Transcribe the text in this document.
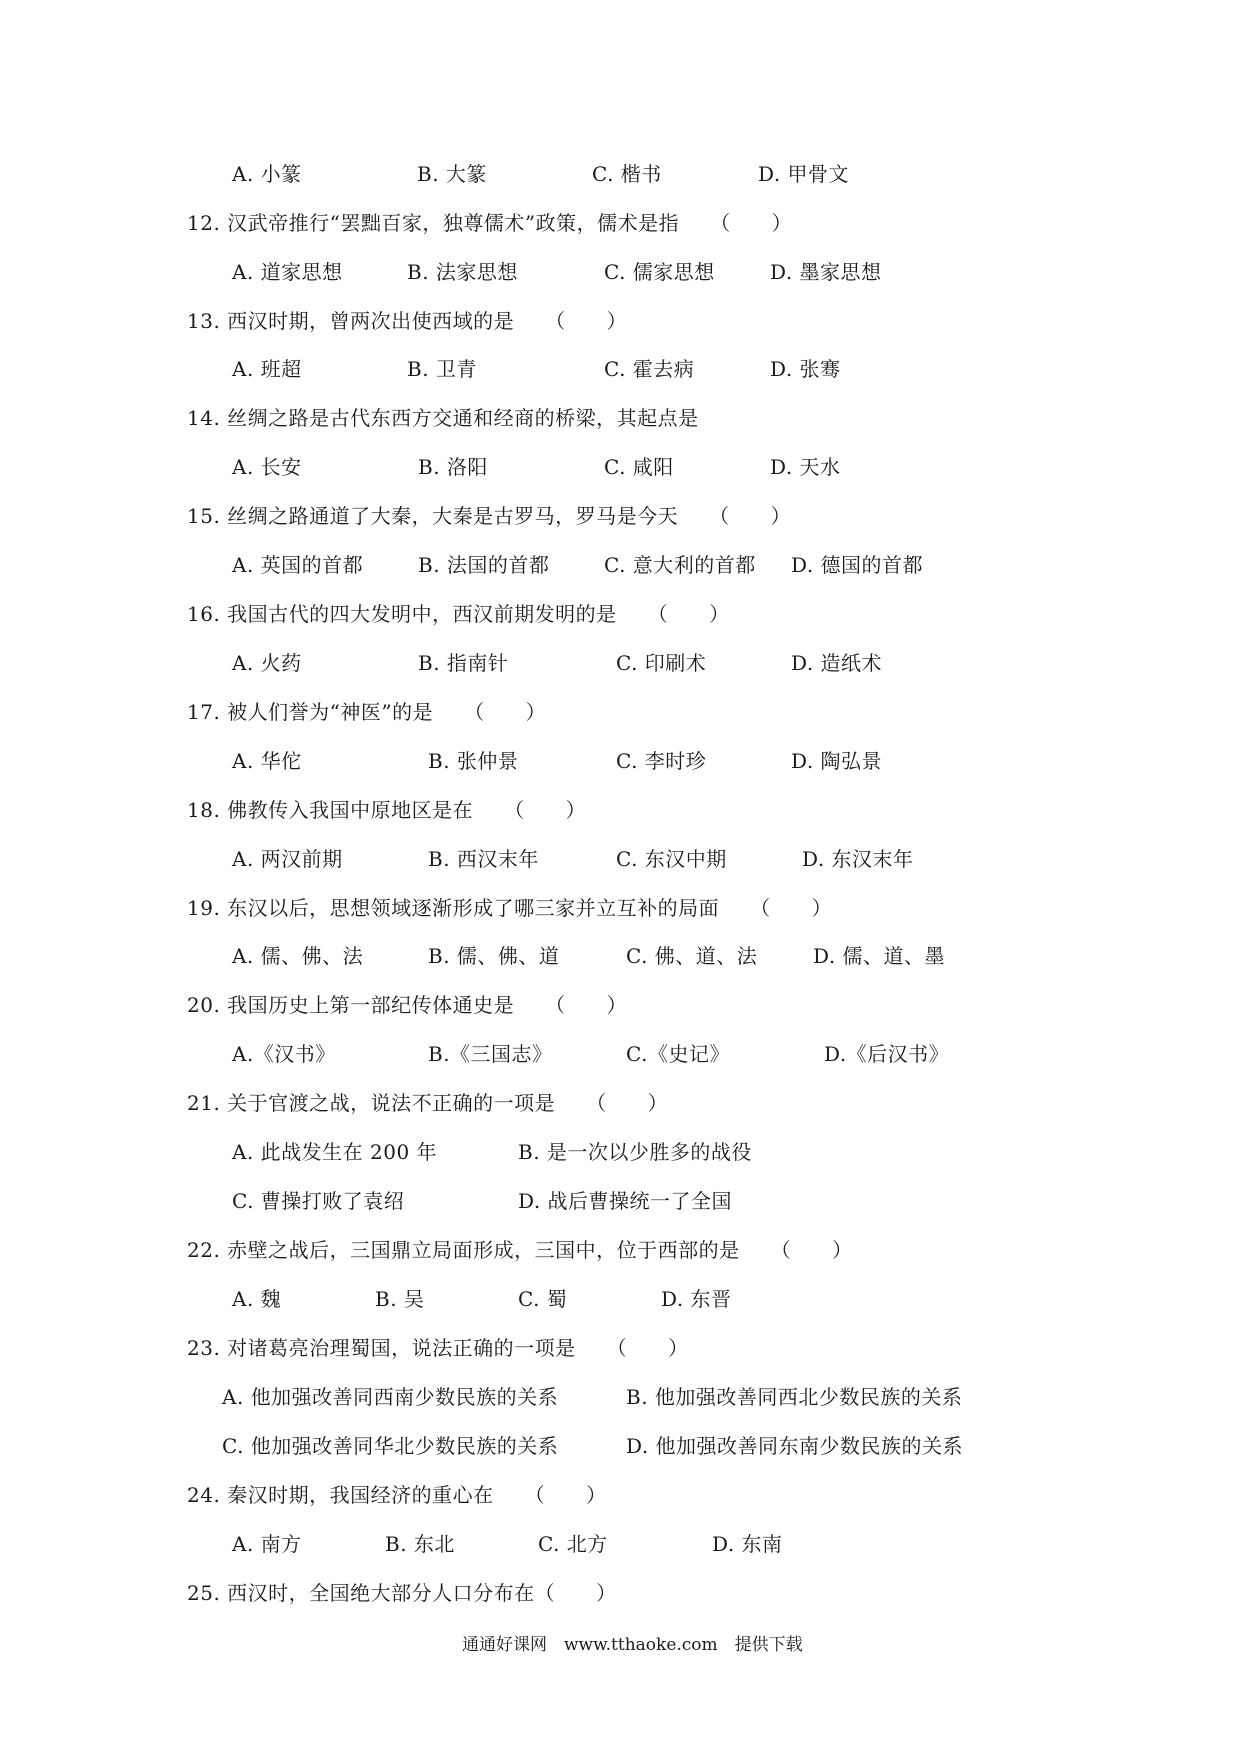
A. 小篆	B. 大篆	C. 楷书	D. 甲骨文
12. 汉武帝推行“罢黜百家，独尊儒术”政策，儒术是指　　（　　）
A. 道家思想	B. 法家思想	C. 儒家思想	D. 墨家思想
13. 西汉时期，曾两次出使西域的是　　（　　）
A. 班超	B. 卫青	C. 霍去病	D. 张骞
14. 丝绸之路是古代东西方交通和经商的桥梁，其起点是
A. 长安	B. 洛阳	C. 咸阳	D. 天水
15. 丝绸之路通道了大秦，大秦是古罗马，罗马是今天　　（　　）
A. 英国的首都	B. 法国的首都	C. 意大利的首都 D. 德国的首都
16. 我国古代的四大发明中，西汉前期发明的是　　（　　）
A. 火药	B. 指南针	C. 印刷术	D. 造纸术
17. 被人们誉为“神医”的是　　（　　）
A. 华佗	B. 张仲景	C. 李时珍	D. 陶弘景
18. 佛教传入我国中原地区是在　　（　　）
A. 两汉前期	B. 西汉末年	C. 东汉中期	D. 东汉末年
19. 东汉以后，思想领域逐渐形成了哪三家并立互补的局面　　（　　）
A. 儒、佛、法	B. 儒、佛、道	C. 佛、道、法	D. 儒、道、墨
20. 我国历史上第一部纪传体通史是　　（　　）
A.《汉书》	B.《三国志》	C.《史记》	D.《后汉书》
21. 关于官渡之战，说法不正确的一项是　　（　　）
A. 此战发生在 200 年	B. 是一次以少胜多的战役
C. 曹操打败了袁绍	D. 战后曹操统一了全国
22. 赤壁之战后，三国鼎立局面形成，三国中，位于西部的是　　（　　）
A. 魏	B. 吴	C. 蜀	D. 东晋
23. 对诸葛亮治理蜀国，说法正确的一项是　　（　　）
A. 他加强改善同西南少数民族的关系	B. 他加强改善同西北少数民族的关系
C. 他加强改善同华北少数民族的关系	D. 他加强改善同东南少数民族的关系
24. 秦汉时期，我国经济的重心在　　（　　）
A. 南方	B. 东北	C. 北方	D. 东南
25. 西汉时，全国绝大部分人口分布在（　　）
通通好课网　www.tthaoke.com　提供下载
